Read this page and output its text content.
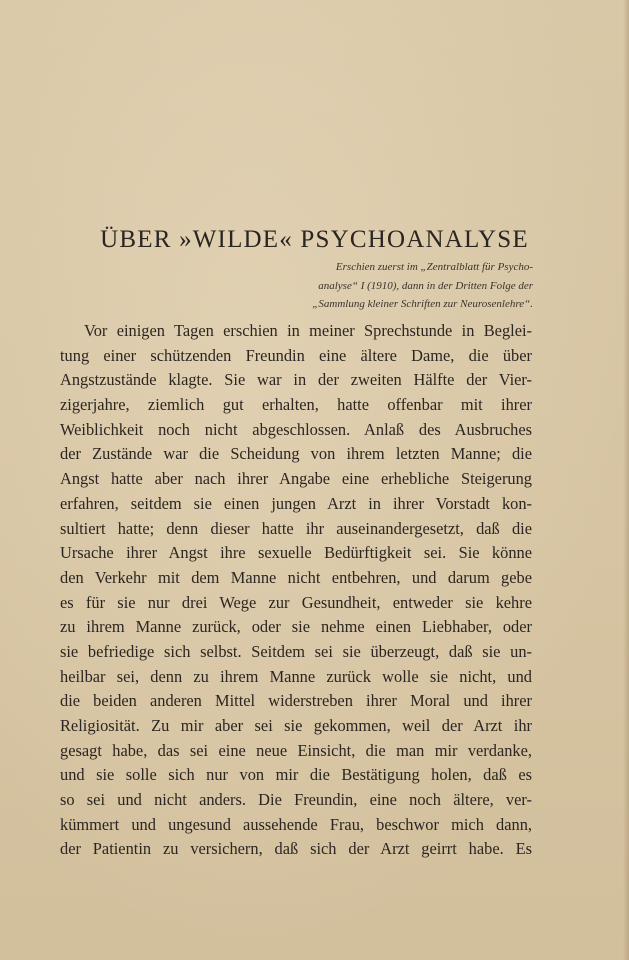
ÜBER »WILDE« PSYCHOANALYSE
Erschien zuerst im „Zentralblatt für Psycho-
analyse“ I (1910), dann in der Dritten Folge der
„Sammlung kleiner Schriften zur Neurosenlehre“.
Vor einigen Tagen erschien in meiner Sprechstunde in Beglei-
tung einer schützenden Freundin eine ältere Dame, die über
Angstzustände klagte. Sie war in der zweiten Hälfte der Vier-
zigerjahre, ziemlich gut erhalten, hatte offenbar mit ihrer
Weiblichkeit noch nicht abgeschlossen. Anlaß des Ausbruches
der Zustände war die Scheidung von ihrem letzten Manne; die
Angst hatte aber nach ihrer Angabe eine erhebliche Steigerung
erfahren, seitdem sie einen jungen Arzt in ihrer Vorstadt kon-
sultiert hatte; denn dieser hatte ihr auseinandergesetzt, daß die
Ursache ihrer Angst ihre sexuelle Bedürftigkeit sei. Sie könne
den Verkehr mit dem Manne nicht entbehren, und darum gebe
es für sie nur drei Wege zur Gesundheit, entweder sie kehre
zu ihrem Manne zurück, oder sie nehme einen Liebhaber, oder
sie befriedige sich selbst. Seitdem sei sie überzeugt, daß sie un-
heilbar sei, denn zu ihrem Manne zurück wolle sie nicht, und
die beiden anderen Mittel widerstreben ihrer Moral und ihrer
Religiosität. Zu mir aber sei sie gekommen, weil der Arzt ihr
gesagt habe, das sei eine neue Einsicht, die man mir verdanke,
und sie solle sich nur von mir die Bestätigung holen, daß es
so sei und nicht anders. Die Freundin, eine noch ältere, ver-
kümmert und ungesund aussehende Frau, beschwor mich dann,
der Patientin zu versichern, daß sich der Arzt geirrt habe. Es
